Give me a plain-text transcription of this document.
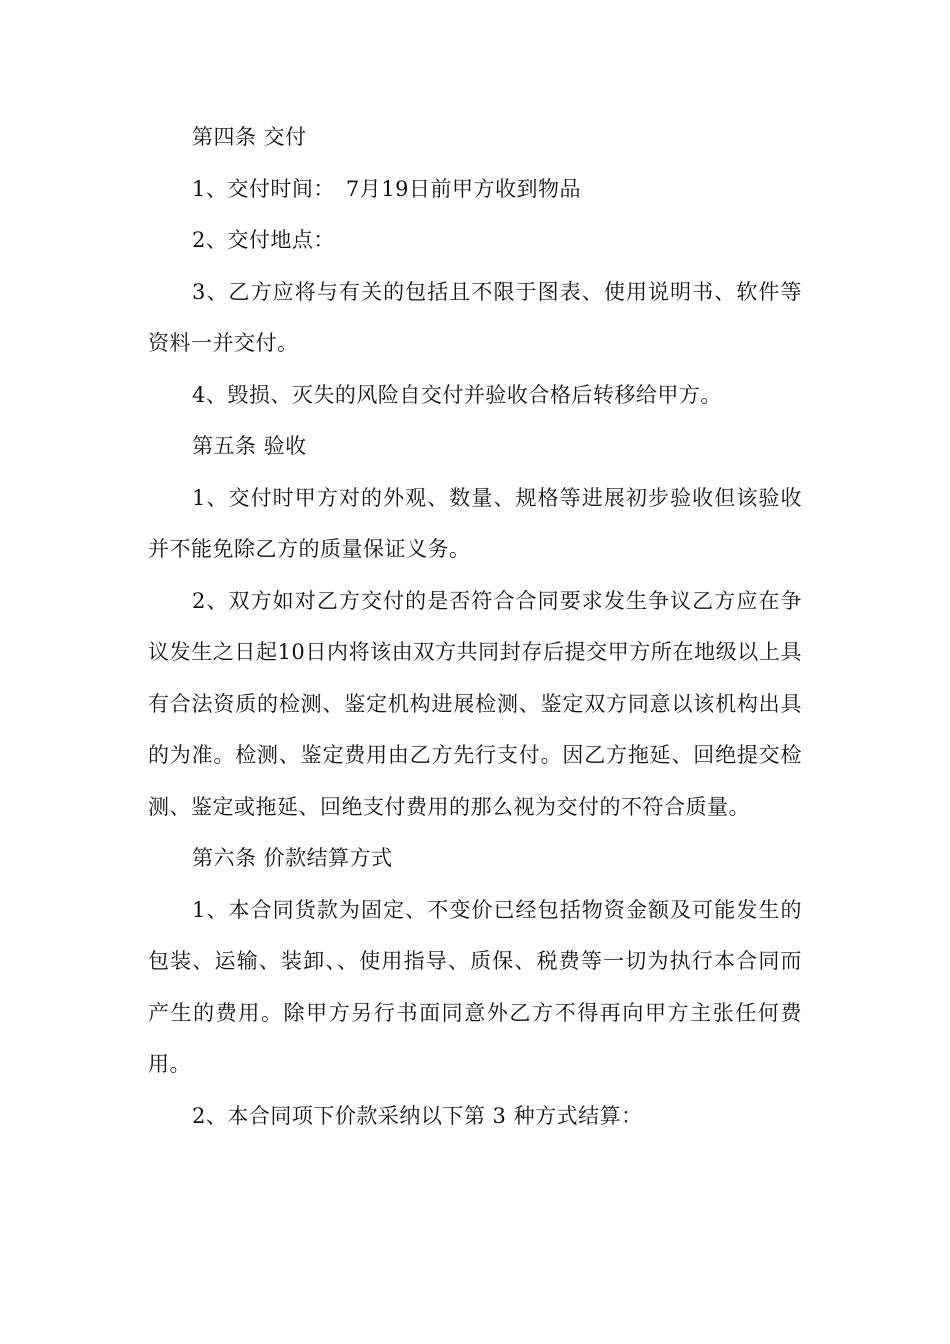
第四条 交付

1、交付时间：　7月19日前甲方收到物品

2、交付地点：

3、乙方应将与有关的包括且不限于图表、使用说明书、软件等资料一并交付。

4、毁损、灭失的风险自交付并验收合格后转移给甲方。

第五条 验收

1、交付时甲方对的外观、数量、规格等进展初步验收但该验收并不能免除乙方的质量保证义务。

2、双方如对乙方交付的是否符合合同要求发生争议乙方应在争议发生之日起10日内将该由双方共同封存后提交甲方所在地级以上具有合法资质的检测、鉴定机构进展检测、鉴定双方同意以该机构出具的为准。检测、鉴定费用由乙方先行支付。因乙方拖延、回绝提交检测、鉴定或拖延、回绝支付费用的那么视为交付的不符合质量。

第六条 价款结算方式

1、本合同货款为固定、不变价已经包括物资金额及可能发生的包装、运输、装卸、、使用指导、质保、税费等一切为执行本合同而产生的费用。除甲方另行书面同意外乙方不得再向甲方主张任何费用。

2、本合同项下价款采纳以下第 3 种方式结算：
